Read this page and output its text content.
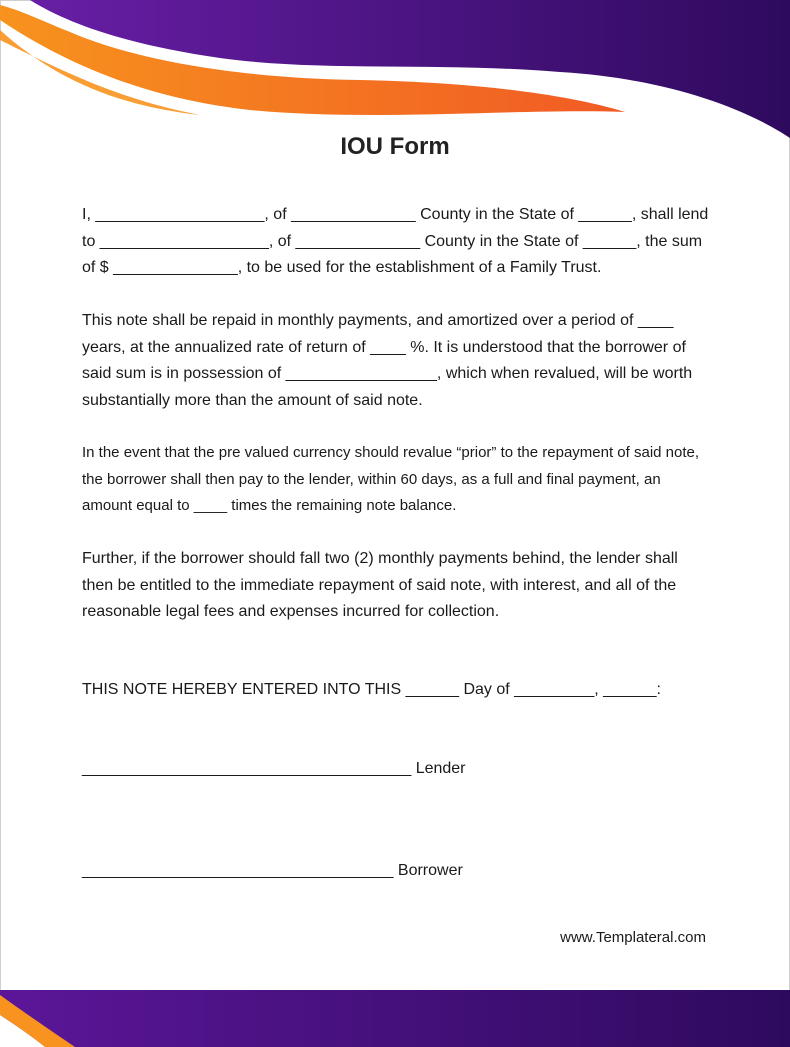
IOU Form

I, ___________________, of ______________ County in the State of ______, shall lend to ___________________, of ______________ County in the State of ______, the sum of $ ______________, to be used for the establishment of a Family Trust.

This note shall be repaid in monthly payments, and amortized over a period of ____ years, at the annualized rate of return of ____ %. It is understood that the borrower of said sum is in possession of _________________, which when revalued, will be worth substantially more than the amount of said note.

In the event that the pre valued currency should revalue “prior” to the repayment of said note, the borrower shall then pay to the lender, within 60 days, as a full and final payment, an amount equal to ____ times the remaining note balance.

Further, if the borrower should fall two (2) monthly payments behind, the lender shall then be entitled to the immediate repayment of said note, with interest, and all of the reasonable legal fees and expenses incurred for collection.

THIS NOTE HEREBY ENTERED INTO THIS ______ Day of _________, ______:

_____________________________________ Lender

___________________________________ Borrower

www.Templateral.com
